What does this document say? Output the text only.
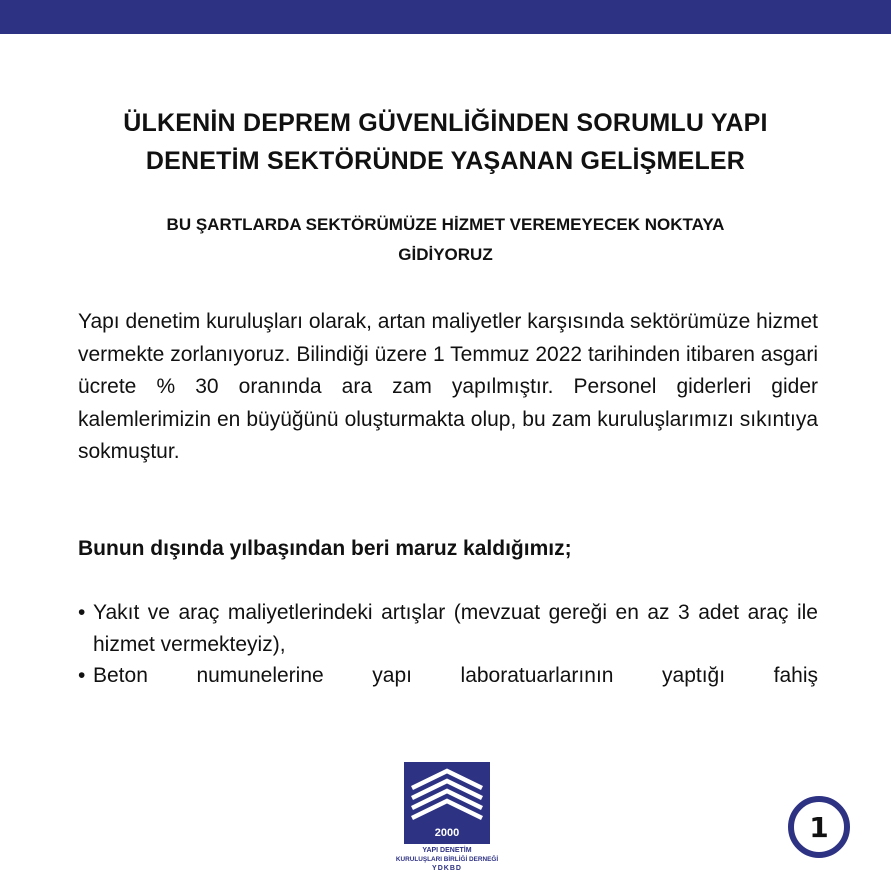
ÜLKENİN DEPREM GÜVENLİĞİNDEN SORUMLU YAPI
DENETİM SEKTÖRÜNDE YAŞANAN GELİŞMELER
BU ŞARTLARDA SEKTÖRÜMÜZE HİZMET VEREMEYECEK NOKTAYA
GİDİYORUZ

Yapı denetim kuruluşları olarak, artan maliyetler karşısında sektörümüze hizmet vermekte zorlanıyoruz. Bilindiği üzere 1 Temmuz 2022 tarihinden itibaren asgari ücrete % 30 oranında ara zam yapılmıştır. Personel giderleri gider kalemlerimizin en büyüğünü oluşturmakta olup, bu zam kuruluşlarımızı sıkıntıya sokmuştur.

Bunun dışında yılbaşından beri maruz kaldığımız;

• Yakıt ve araç maliyetlerindeki artışlar (mevzuat gereği en az 3 adet araç ile hizmet vermekteyiz),
• Beton numunelerine yapı laboratuarlarının yaptığı fahiş
2000
YAPI DENETİM
KURULUŞLARI BİRLİĞİ DERNEĞİ
YDKBD
1
